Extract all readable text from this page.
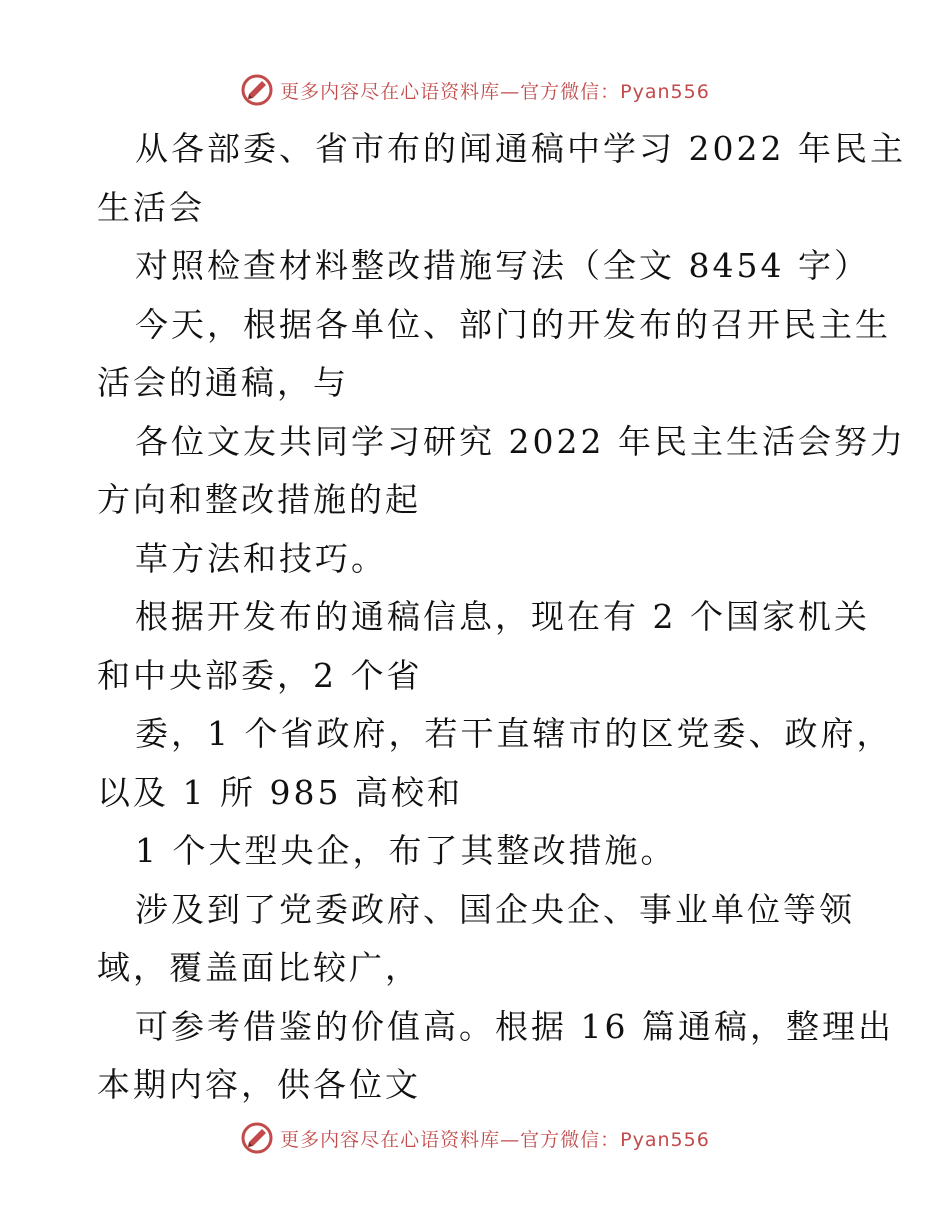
更多内容尽在心语资料库—官方微信：Pyan556
从各部委、省市布的闻通稿中学习 2022 年民主
生活会
对照检查材料整改措施写法（全文 8454 字）
今天，根据各单位、部门的开发布的召开民主生
活会的通稿，与
各位文友共同学习研究 2022 年民主生活会努力
方向和整改措施的起
草方法和技巧。
根据开发布的通稿信息，现在有 2 个国家机关
和中央部委，2 个省
委，1 个省政府，若干直辖市的区党委、政府，
以及 1 所 985 高校和
1 个大型央企，布了其整改措施。
涉及到了党委政府、国企央企、事业单位等领
域，覆盖面比较广，
可参考借鉴的价值高。根据 16 篇通稿，整理出
本期内容，供各位文
更多内容尽在心语资料库—官方微信：Pyan556
